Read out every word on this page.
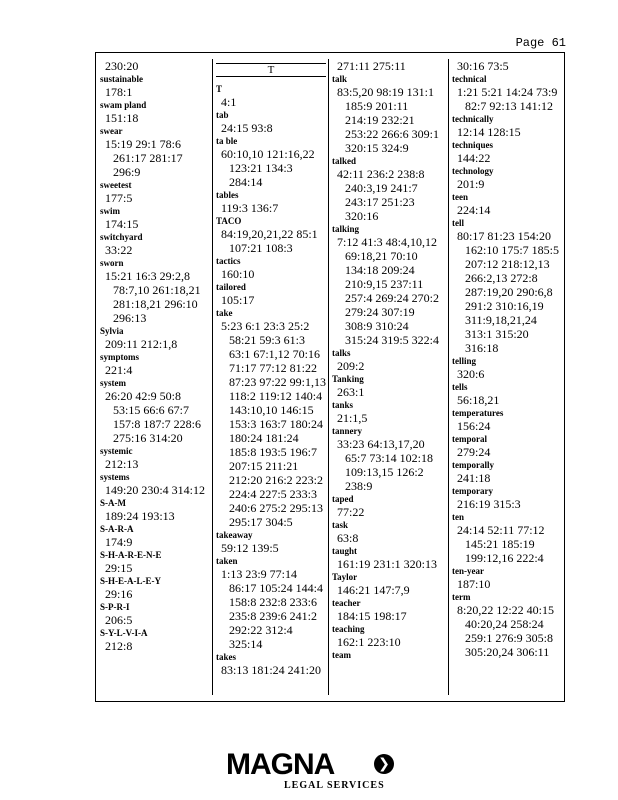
Page 61
230:20
sustainable
178:1
swam pland
151:18
swear
15:19 29:1 78:6
261:17 281:17
296:9
sweetest
177:5
swim
174:15
switchyard
33:22
sworn
15:21 16:3 29:2,8
78:7,10 261:18,21
281:18,21 296:10
296:13
Sylvia
209:11 212:1,8
symptoms
221:4
system
26:20 42:9 50:8
53:15 66:6 67:7
157:8 187:7 228:6
275:16 314:20
systemic
212:13
systems
149:20 230:4 314:12
S-A-M
189:24 193:13
S-A-R-A
174:9
S-H-A-R-E-N-E
29:15
S-H-E-A-L-E-Y
29:16
S-P-R-I
206:5
S-Y-L-V-I-A
212:8
T
T
4:1
tab
24:15 93:8
ta ble
60:10,10 121:16,22
123:21 134:3
284:14
tables
119:3 136:7
TACO
84:19,20,21,22 85:1
107:21 108:3
tactics
160:10
tailored
105:17
take
5:23 6:1 23:3 25:2
58:21 59:3 61:3
63:1 67:1,12 70:16
71:17 77:12 81:22
87:23 97:22 99:1,13
118:2 119:12 140:4
143:10,10 146:15
153:3 163:7 180:24
180:24 181:24
185:8 193:5 196:7
207:15 211:21
212:20 216:2 223:2
224:4 227:5 233:3
240:6 275:2 295:13
295:17 304:5
takeaway
59:12 139:5
taken
1:13 23:9 77:14
86:17 105:24 144:4
158:8 232:8 233:6
235:8 239:6 241:2
292:22 312:4
325:14
takes
83:13 181:24 241:20
271:11 275:11
talk
83:5,20 98:19 131:1
185:9 201:11
214:19 232:21
253:22 266:6 309:1
320:15 324:9
talked
42:11 236:2 238:8
240:3,19 241:7
243:17 251:23
320:16
talking
7:12 41:3 48:4,10,12
69:18,21 70:10
134:18 209:24
210:9,15 237:11
257:4 269:24 270:2
279:24 307:19
308:9 310:24
315:24 319:5 322:4
talks
209:2
Tanking
263:1
tanks
21:1,5
tannery
33:23 64:13,17,20
65:7 73:14 102:18
109:13,15 126:2
238:9
taped
77:22
task
63:8
taught
161:19 231:1 320:13
Taylor
146:21 147:7,9
teacher
184:15 198:17
teaching
162:1 223:10
team
30:16 73:5
technical
1:21 5:21 14:24 73:9
82:7 92:13 141:12
technically
12:14 128:15
techniques
144:22
technology
201:9
teen
224:14
tell
80:17 81:23 154:20
162:10 175:7 185:5
207:12 218:12,13
266:2,13 272:8
287:19,20 290:6,8
291:2 310:16,19
311:9,18,21,24
313:1 315:20
316:18
telling
320:6
tells
56:18,21
temperatures
156:24
temporal
279:24
temporally
241:18
temporary
216:19 315:3
ten
24:14 52:11 77:12
145:21 185:19
199:12,16 222:4
ten-year
187:10
term
8:20,22 12:22 40:15
40:20,24 258:24
259:1 276:9 305:8
305:20,24 306:11
MAGNA	❯
LEGAL SERVICES
